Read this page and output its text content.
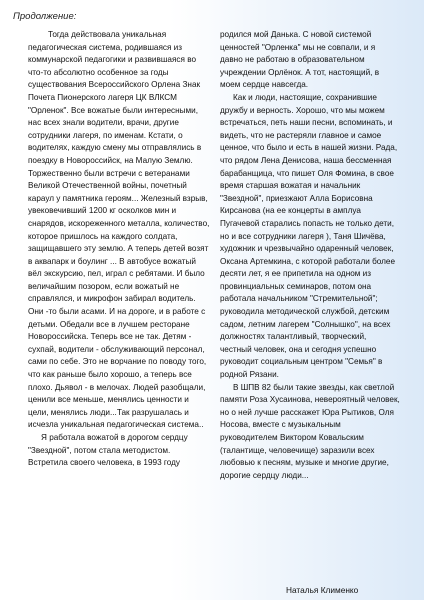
Продолжение:

Тогда действовала уникальная педагогическая система, родившаяся из коммунарской педагогики и развившаяся во что-то абсолютно особенное за годы существования Всероссийского Орлена Знак Почета Пионерского лагеря ЦК ВЛКСМ "Орленок". Все вожатые были интересными, нас всех знали водители, врачи, другие сотрудники лагеря, по именам. Кстати, о водителях, каждую смену мы отправлялись в поездку в Новороссийск, на Малую Землю. Торжественно были встречи с ветеранами Великой Отечественной войны, почетный караул у памятника героям... Железный взрыв, увековечивший 1200 кг осколков мин и снарядов, искореженного металла, количество, которое пришлось на каждого солдата, защищавшего эту землю. А теперь детей возят в аквапарк и боулинг ... В автобусе вожатый вёл экскурсию, пел, играл с ребятами. И было величайшим позором, если вожатый не справлялся, и микрофон забирал водитель. Они -то были асами. И на дороге, и в работе с детьми. Обедали все в лучшем ресторане Новороссийска. Теперь все не так. Детям - сухпай, водители - обслуживающий персонал, сами по себе. Это не ворчание по поводу того, что как раньше было хорошо, а теперь все плохо. Дьявол - в мелочах. Людей разобщали, ценили все меньше, менялись ценности и цели, менялись люди...Так разрушалась и исчезла уникальная педагогическая система..

Я работала вожатой в дорогом сердцу "Звездной", потом стала методистом. Встретила своего человека, в 1993 году

родился мой Данька. С новой системой ценностей "Орленка" мы не совпали, и я давно не работаю в образовательном учреждении Орлёнок. А тот, настоящий, в моем сердце навсегда.

Как и люди, настоящие, сохранившие дружбу и верность. Хорошо, что мы можем встречаться, петь наши песни, вспоминать, и видеть, что не растеряли главное и самое ценное, что было и есть в нашей жизни. Рада, что рядом Лена Денисова, наша бессменная барабанщица, что пишет Оля Фомина, в свое время старшая вожатая и начальник "Звездной", приезжают Алла Борисовна Кирсанова (на ее концерты в амплуа Пугачевой старались попасть не только дети, но и все сотрудники лагеря ), Таня Шичёва, художник и чрезвычайно одаренный человек, Оксана Артемкина, с которой работали более десяти лет, я ее припетила на одном из провинциальных семинаров, потом она работала начальником "Стремительной"; руководила методической службой, детским садом, летним лагерем "Солнышко", на всех должностях талантливый, творческий, честный человек, она и сегодня успешно руководит социальным центром "Семья" в родной Рязани.

В ШПВ 82 были такие звезды, как светлой памяти Роза Хусаинова, невероятный человек, но о ней лучше расскажет Юра Рытиков, Оля Носова, вместе с музыкальным руководителем Виктором Ковальским (талантище, человечище) заразили всех любовью к песням, музыке и многие другие, дорогие сердцу люди...

Наталья Клименко
